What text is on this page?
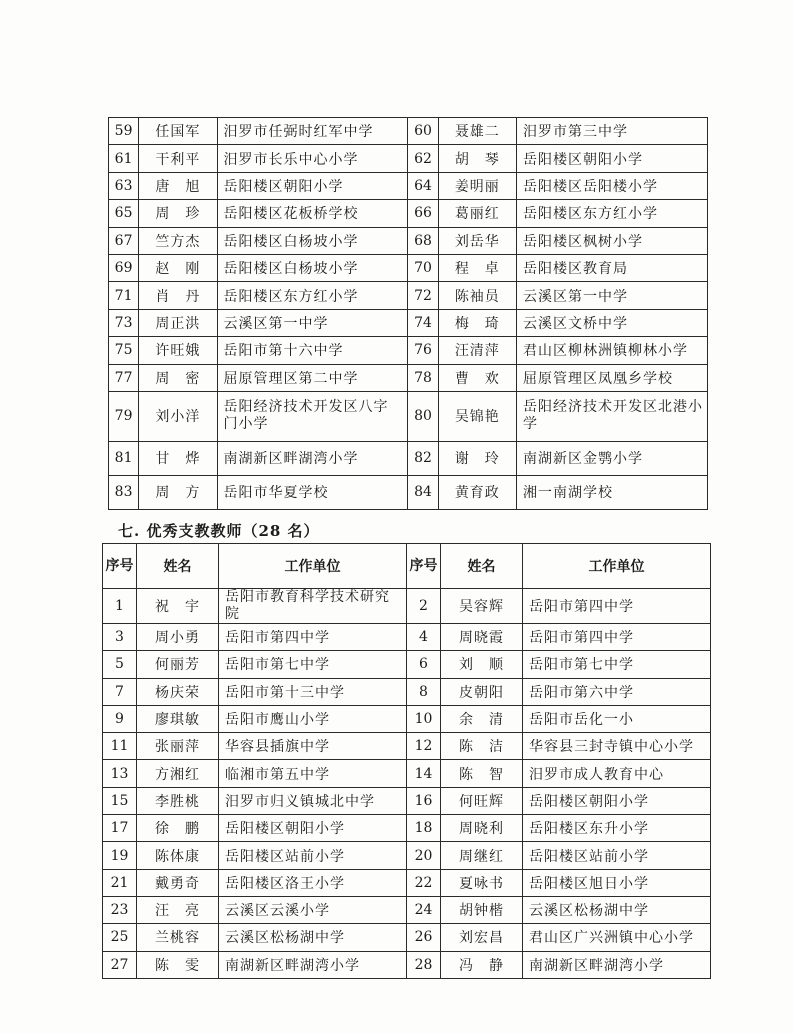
59	任国军	汨罗市任弼时红军中学	60	聂雄二	汨罗市第三中学
61	干利平	汨罗市长乐中心小学	62	胡　琴	岳阳楼区朝阳小学
63	唐　旭	岳阳楼区朝阳小学	64	姜明丽	岳阳楼区岳阳楼小学
65	周　珍	岳阳楼区花板桥学校	66	葛丽红	岳阳楼区东方红小学
67	竺方杰	岳阳楼区白杨坡小学	68	刘岳华	岳阳楼区枫树小学
69	赵　刚	岳阳楼区白杨坡小学	70	程　卓	岳阳楼区教育局
71	肖　丹	岳阳楼区东方红小学	72	陈袖员	云溪区第一中学
73	周正洪	云溪区第一中学	74	梅　琦	云溪区文桥中学
75	许旺娥	岳阳市第十六中学	76	汪清萍	君山区柳林洲镇柳林小学
77	周　密	屈原管理区第二中学	78	曹　欢	屈原管理区凤凰乡学校
79	刘小洋	岳阳经济技术开发区八字门小学	80	吴锦艳	岳阳经济技术开发区北港小学
81	甘　烨	南湖新区畔湖湾小学	82	谢　玲	南湖新区金鹗小学
83	周　方	岳阳市华夏学校	84	黄育政	湘一南湖学校
七. 优秀支教教师（28 名）
序号	姓名	工作单位	序号	姓名	工作单位
1	祝　宇	岳阳市教育科学技术研究院	2	吴容辉	岳阳市第四中学
3	周小勇	岳阳市第四中学	4	周晓霞	岳阳市第四中学
5	何丽芳	岳阳市第七中学	6	刘　顺	岳阳市第七中学
7	杨庆荣	岳阳市第十三中学	8	皮朝阳	岳阳市第六中学
9	廖琪敏	岳阳市鹰山小学	10	余　清	岳阳市岳化一小
11	张丽萍	华容县插旗中学	12	陈　洁	华容县三封寺镇中心小学
13	方湘红	临湘市第五中学	14	陈　智	汨罗市成人教育中心
15	李胜桃	汨罗市归义镇城北中学	16	何旺辉	岳阳楼区朝阳小学
17	徐　鹏	岳阳楼区朝阳小学	18	周晓利	岳阳楼区东升小学
19	陈体康	岳阳楼区站前小学	20	周继红	岳阳楼区站前小学
21	戴勇奇	岳阳楼区洛王小学	22	夏咏书	岳阳楼区旭日小学
23	汪　亮	云溪区云溪小学	24	胡钟楷	云溪区松杨湖中学
25	兰桃容	云溪区松杨湖中学	26	刘宏昌	君山区广兴洲镇中心小学
27	陈　雯	南湖新区畔湖湾小学	28	冯　静	南湖新区畔湖湾小学
